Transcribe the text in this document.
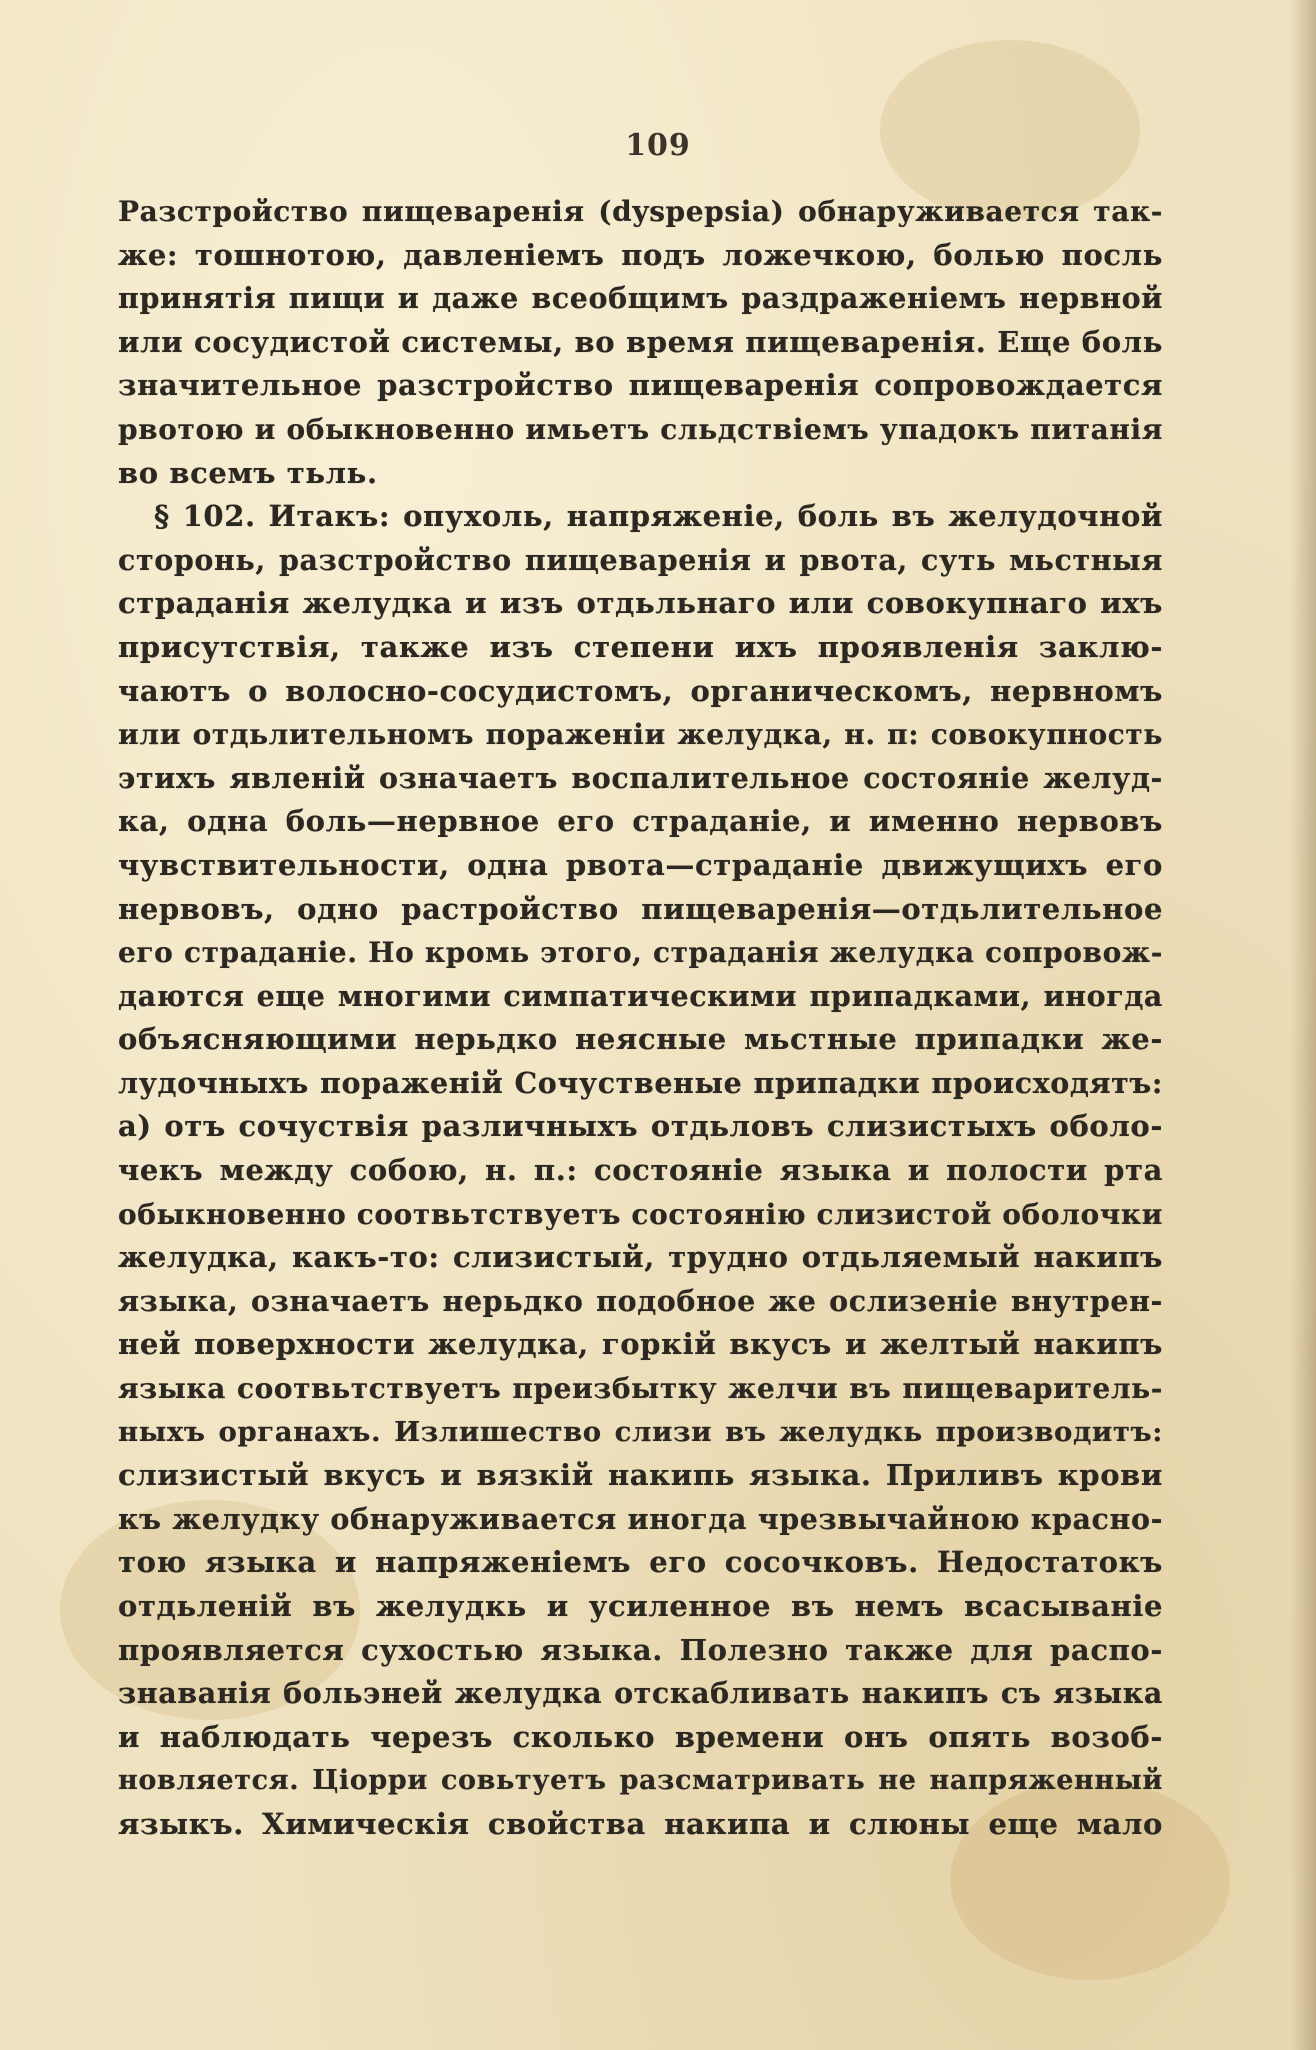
109
Разстройство пищеваренія (dyspepsia) обнаруживается так-
же: тошнотою, давленіемъ подъ ложечкою, болью посль
принятія пищи и даже всеобщимъ раздраженіемъ нервной
или сосудистой системы, во время пищеваренія. Еще боль
значительное разстройство пищеваренія сопровождается
рвотою и обыкновенно имьетъ сльдствіемъ упадокъ питанія
во всемъ тьль.
§ 102. Итакъ: опухоль, напряженіе, боль въ желудочной
сторонь, разстройство пищеваренія и рвота, суть мьстныя
страданія желудка и изъ отдьльнаго или совокупнаго ихъ
присутствія, также изъ степени ихъ проявленія заклю-
чаютъ о волосно-сосудистомъ, органическомъ, нервномъ
или отдьлительномъ пораженіи желудка, н. п: совокупность
этихъ явленій означаетъ воспалительное состояніе желуд-
ка, одна боль—нервное его страданіе, и именно нервовъ
чувствительности, одна рвота—страданіе движущихъ его
нервовъ, одно растройство пищеваренія—отдьлительное
его страданіе. Но кромь этого, страданія желудка сопровож-
даются еще многими симпатическими припадками, иногда
объясняющими нерьдко неясные мьстные припадки же-
лудочныхъ пораженій Сочуственые припадки происходятъ:
а) отъ сочуствія различныхъ отдьловъ слизистыхъ оболо-
чекъ между собою, н. п.: состояніе языка и полости рта
обыкновенно соотвьтствуетъ состоянію слизистой оболочки
желудка, какъ-то: слизистый, трудно отдьляемый накипъ
языка, означаетъ нерьдко подобное же ослизеніе внутрен-
ней поверхности желудка, горкій вкусъ и желтый накипъ
языка соотвьтствуетъ преизбытку желчи въ пищеваритель-
ныхъ органахъ. Излишество слизи въ желудкь производитъ:
слизистый вкусъ и вязкій накипь языка. Приливъ крови
къ желудку обнаруживается иногда чрезвычайною красно-
тою языка и напряженіемъ его сосочковъ. Недостатокъ
отдьленій въ желудкь и усиленное въ немъ всасываніе
проявляется сухостью языка. Полезно также для распо-
знаванія больэней желудка отскабливать накипъ съ языка
и наблюдать черезъ сколько времени онъ опять возоб-
новляется. Ціорри совьтуетъ разсматривать не напряженный
языкъ. Химическія свойства накипа и слюны еще мало
